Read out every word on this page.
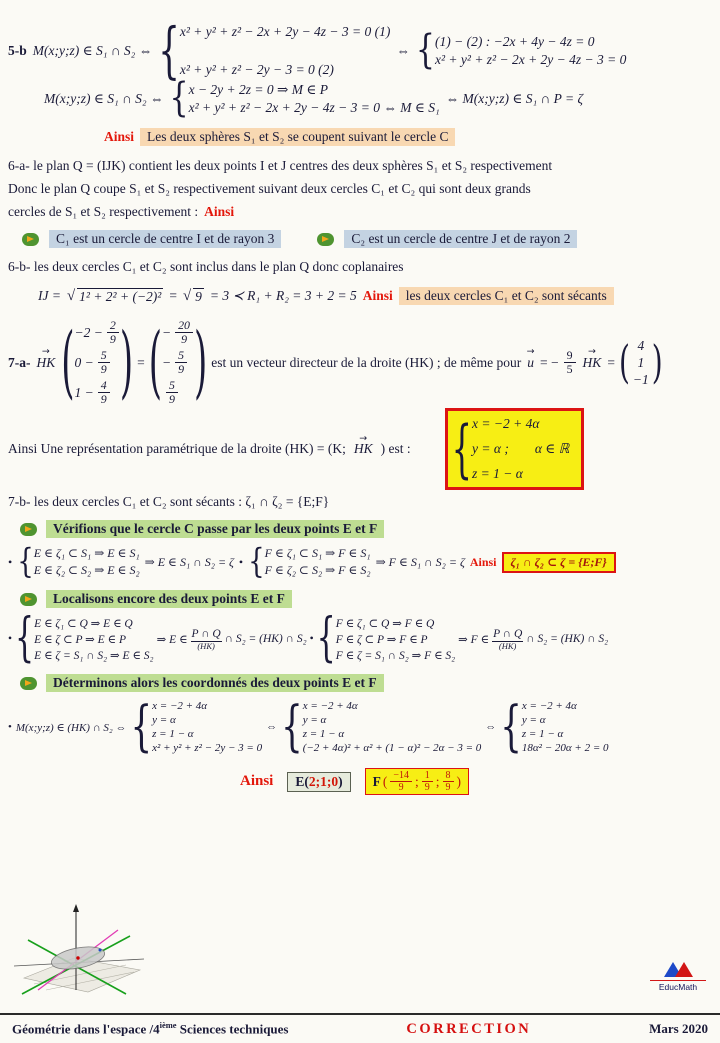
5-b M(x;y;z) ∈ S₁ ∩ S₂ ⇔ { x² + y² + z² − 2x + 2y − 4z − 3 = 0 (1)
x² + y² + z² − 2y − 3 = 0 (2)
⇔ { (1) − (2) : −2x + 4y − 4z = 0
x² + y² + z² − 2x + 2y − 4z − 3 = 0
M(x;y;z) ∈ S₁ ∩ S₂ ⇔ { x − 2y + 2z = 0 ⇒ M ∈ P
x² + y² + z² − 2x + 2y − 4z − 3 = 0 ⇔ M ∈ S₁
⇔ M(x;y;z) ∈ S₁ ∩ P = ζ
Ainsi Les deux sphères S₁ et S₂ se coupent suivant le cercle C
6-a- le plan Q = (IJK) contient les deux points I et J centres des deux sphères S₁ et S₂ respectivement
Donc le plan Q coupe S₁ et S₂ respectivement suivant deux cercles C₁ et C₂ qui sont deux grands
cercles de S₁ et S₂ respectivement : Ainsi
C₁ est un cercle de centre I et de rayon 3	C₂ est un cercle de centre J et de rayon 2
6-b- les deux cercles C₁ et C₂ sont inclus dans le plan Q donc coplanaires
IJ = √ 1² + 2² + (−2)² = √ 9 = 3 ≺ R₁ + R₂ = 3 + 2 = 5 Ainsi les deux cercles C₁ et C₂ sont sécants
7-a- → HK ( $-2 - \frac{2}{9}$
$0 - \frac{5}{9}$
$1 - \frac{4}{9}$ ) = ( − $\frac{20}{9}$
− $\frac{5}{9}$
$\frac{5}{9}$ ) est un vecteur directeur de la droite (HK) ; de même pour → u = − $\frac{9}{5}$ → HK = ( 4
1
−1 )
Ainsi Une représentation paramétrique de la droite (HK) = (K; → HK ) est : { x = −2 + 4α
y = α ; α ∈ ℝ
z = 1 − α
7-b- les deux cercles C₁ et C₂ sont sécants : ζ₁ ∩ ζ₂ = {E;F}
Vérifions que le cercle C passe par les deux points E et F
• { E ∈ ζ₁ ⊂ S₁ ⇒ E ∈ S₁
E ∈ ζ₂ ⊂ S₂ ⇒ E ∈ S₂
⇒ E ∈ S₁ ∩ S₂ = ζ • { F ∈ ζ₁ ⊂ S₁ ⇒ F ∈ S₁
F ∈ ζ₂ ⊂ S₂ ⇒ F ∈ S₂
⇒ F ∈ S₁ ∩ S₂ = ζ Ainsi	ζ₁ ∩ ζ₂ ⊂ ζ = {E;F}
Localisons encore des deux points E et F
• { E ∈ ζ₁ ⊂ Q ⇒ E ∈ Q
E ∈ ζ ⊂ P ⇒ E ∈ P
E ∈ ζ = S₁ ∩ S₂ ⇒ E ∈ S₂
⇒ E ∈
P ∩ Q
(HK)
∩ S₂ = (HK) ∩ S₂ • { F ∈ ζ₁ ⊂ Q ⇒ F ∈ Q
F ∈ ζ ⊂ P ⇒ F ∈ P
F ∈ ζ = S₁ ∩ S₂ ⇒ F ∈ S₂
⇒ F ∈
P ∩ Q
(HK)
∩ S₂ = (HK) ∩ S₂
Déterminons alors les coordonnés des deux points E et F
• M(x;y;z) ∈ (HK) ∩ S₂ ⇔ { x = −2 + 4α
y = α
z = 1 − α
x² + y² + z² − 2y − 3 = 0
⇔ { x = −2 + 4α
y = α
z = 1 − α
(−2 + 4α)² + α² + (1 − α)² − 2α − 3 = 0
⇔ { x = −2 + 4α
y = α
z = 1 − α
18α² − 20α + 2 = 0
Ainsi E( 2;1;0 ) F ( $\frac{-14}{9}$ ; $\frac{1}{9}$ ; $\frac{8}{9}$ )
EducMath
Géométrie dans l'espace /4ième Sciences techniques	CORRECTION	Mars 2020
